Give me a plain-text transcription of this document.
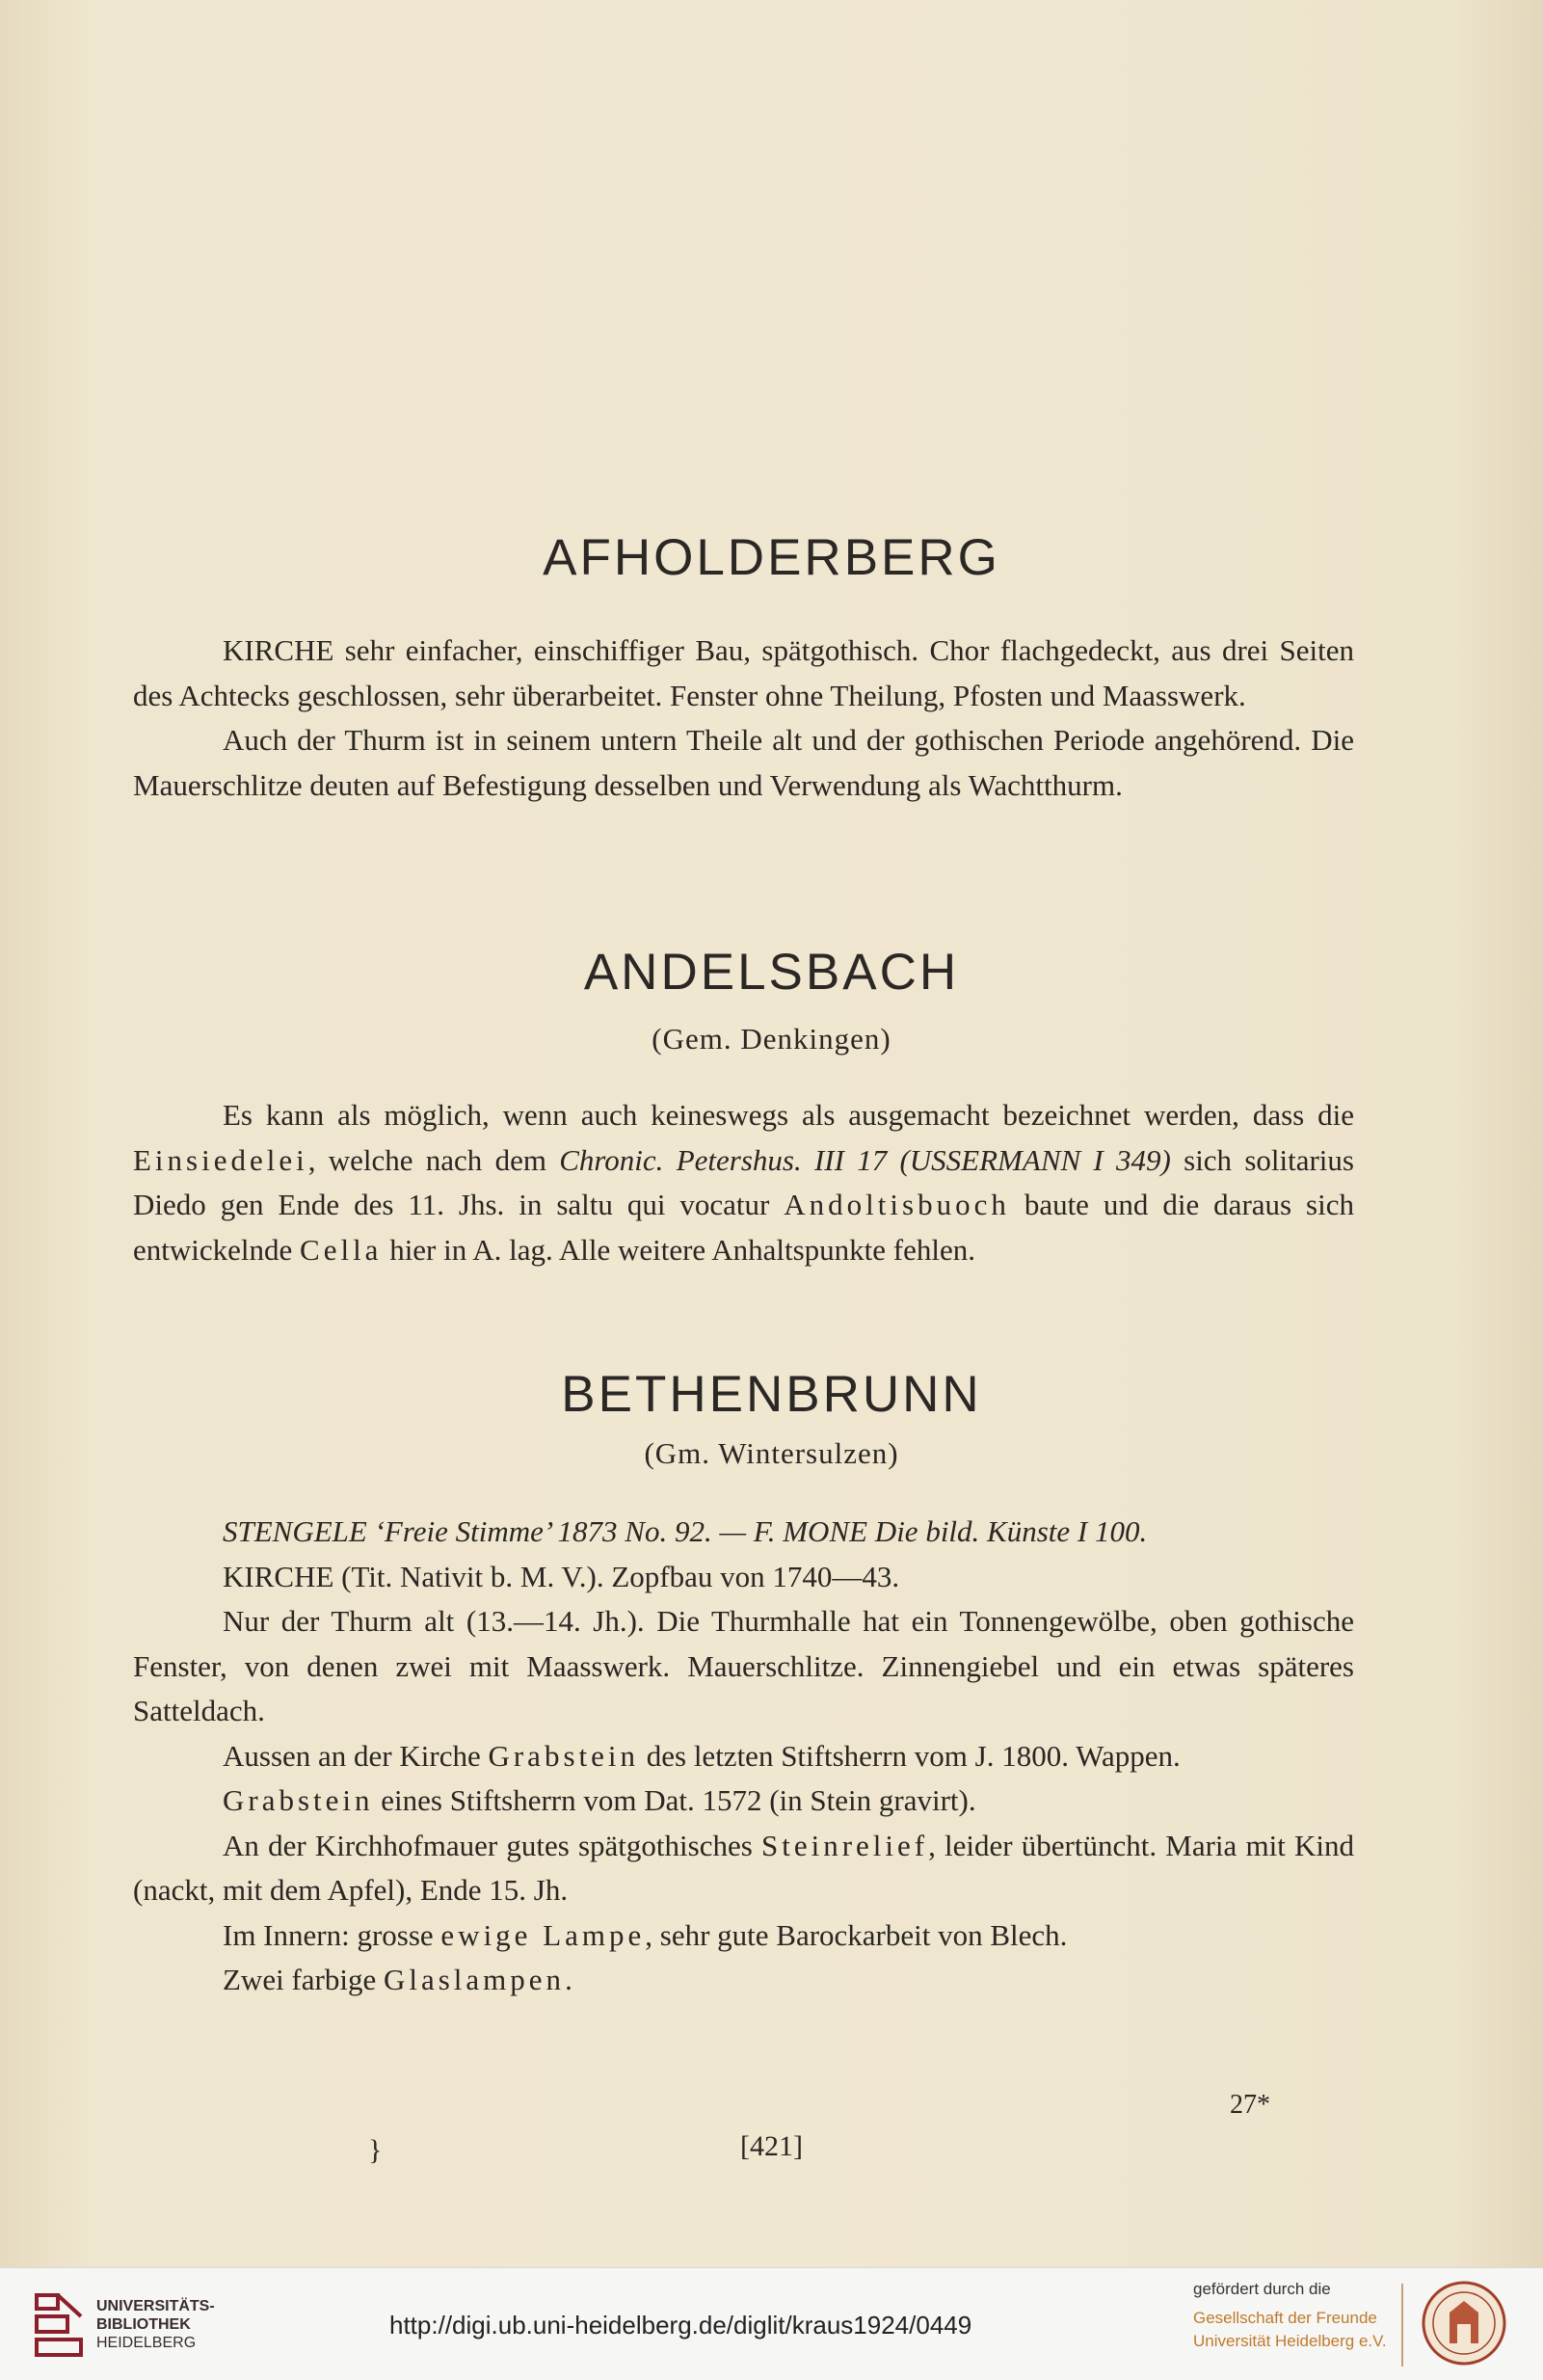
AFHOLDERBERG

KIRCHE sehr einfacher, einschiffiger Bau, spätgothisch. Chor flachgedeckt, aus drei Seiten des Achtecks geschlossen, sehr überarbeitet. Fenster ohne Theilung, Pfosten und Maasswerk.

Auch der Thurm ist in seinem untern Theile alt und der gothischen Periode angehörend. Die Mauerschlitze deuten auf Befestigung desselben und Verwendung als Wachtthurm.

ANDELSBACH

(Gem. Denkingen)

Es kann als möglich, wenn auch keineswegs als ausgemacht bezeichnet werden, dass die Einsiedelei, welche nach dem Chronic. Petershus. III 17 (USSERMANN I 349) sich solitarius Diedo gen Ende des 11. Jhs. in saltu qui vocatur Andoltisbuoch baute und die daraus sich entwickelnde Cella hier in A. lag. Alle weitere Anhaltspunkte fehlen.

BETHENBRUNN

(Gm. Wintersulzen)

STENGELE ‘Freie Stimme’ 1873 No. 92. — F. MONE Die bild. Künste I 100.

KIRCHE (Tit. Nativit b. M. V.). Zopfbau von 1740—43.

Nur der Thurm alt (13.—14. Jh.). Die Thurmhalle hat ein Tonnengewölbe, oben gothische Fenster, von denen zwei mit Maasswerk. Mauerschlitze. Zinnengiebel und ein etwas späteres Satteldach.

Aussen an der Kirche Grabstein des letzten Stiftsherrn vom J. 1800. Wappen.

Grabstein eines Stiftsherrn vom Dat. 1572 (in Stein gravirt).

An der Kirchhofmauer gutes spätgothisches Steinrelief, leider übertüncht. Maria mit Kind (nackt, mit dem Apfel), Ende 15. Jh.

Im Innern: grosse ewige Lampe, sehr gute Barockarbeit von Blech.

Zwei farbige Glaslampen.

27*

}	[421]

UNIVERSITÄTS-
BIBLIOTHEK
HEIDELBERG
http://digi.ub.uni-heidelberg.de/diglit/kraus1924/0449
gefördert durch die
Gesellschaft der Freunde
Universität Heidelberg e.V.
